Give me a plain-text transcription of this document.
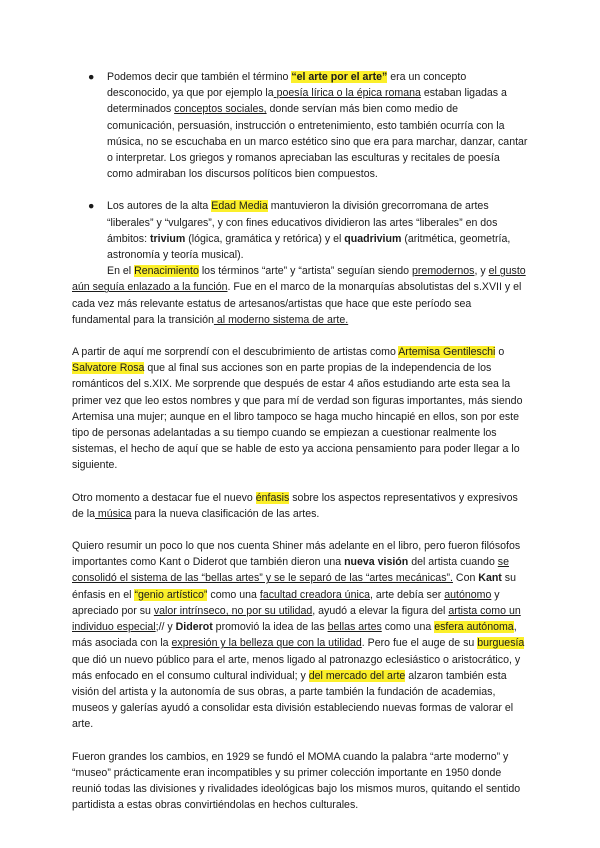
● Podemos decir que también el término “el arte por el arte” era un concepto desconocido, ya que por ejemplo la poesía lírica o la épica romana estaban ligadas a determinados conceptos sociales, donde servían más bien como medio de comunicación, persuasión, instrucción o entretenimiento, esto también ocurría con la música, no se escuchaba en un marco estético sino que era para marchar, danzar, cantar o interpretar. Los griegos y romanos apreciaban las esculturas y recitales de poesía como admiraban los discursos políticos bien compuestos.

● Los autores de la alta Edad Media mantuvieron la división grecorromana de artes “liberales” y “vulgares”, y con fines educativos dividieron las artes “liberales” en dos ámbitos: trivium (lógica, gramática y retórica) y el quadrivium (aritmética, geometría, astronomía y teoría musical).

En el Renacimiento los términos “arte” y “artista” seguían siendo premodernos, y el gusto aún seguía enlazado a la función. Fue en el marco de la monarquías absolutistas del s.XVII y el cada vez más relevante estatus de artesanos/artistas que hace que este período sea fundamental para la transición al moderno sistema de arte.

A partir de aquí me sorprendí con el descubrimiento de artistas como Artemisa Gentileschi o Salvatore Rosa que al final sus acciones son en parte propias de la independencia de los románticos del s.XIX. Me sorprende que después de estar 4 años estudiando arte esta sea la primer vez que leo estos nombres y que para mí de verdad son figuras importantes, más siendo Artemisa una mujer; aunque en el libro tampoco se haga mucho hincapié en ellos, son por este tipo de personas adelantadas a su tiempo cuando se empiezan a cuestionar realmente los sistemas, el hecho de aquí que se hable de esto ya acciona pensamiento para poder llegar a lo siguiente.

Otro momento a destacar fue el nuevo énfasis sobre los aspectos representativos y expresivos de la música para la nueva clasificación de las artes.

Quiero resumir un poco lo que nos cuenta Shiner más adelante en el libro, pero fueron filósofos importantes como Kant o Diderot que también dieron una nueva visión del artista cuando se consolidó el sistema de las “bellas artes” y se le separó de las “artes mecánicas”. Con Kant su énfasis en el “genio artístico” como una facultad creadora única, arte debía ser autónomo y apreciado por su valor intrínseco, no por su utilidad, ayudó a elevar la figura del artista como un individuo especial;// y Diderot promovió la idea de las bellas artes como una esfera autónoma, más asociada con la expresión y la belleza que con la utilidad. Pero fue el auge de su burguesía que dió un nuevo público para el arte, menos ligado al patronazgo eclesiástico o aristocrático, y más enfocado en el consumo cultural individual; y del mercado del arte alzaron también esta visión del artista y la autonomía de sus obras, a parte también la fundación de academias, museos y galerías ayudó a consolidar esta división estableciendo nuevas formas de valorar el arte.

Fueron grandes los cambios, en 1929 se fundó el MOMA cuando la palabra “arte moderno” y “museo” prácticamente eran incompatibles y su primer colección importante en 1950 donde reunió todas las divisiones y rivalidades ideológicas bajo los mismos muros, quitando el sentido partidista a estas obras convirtiéndolas en hechos culturales.
